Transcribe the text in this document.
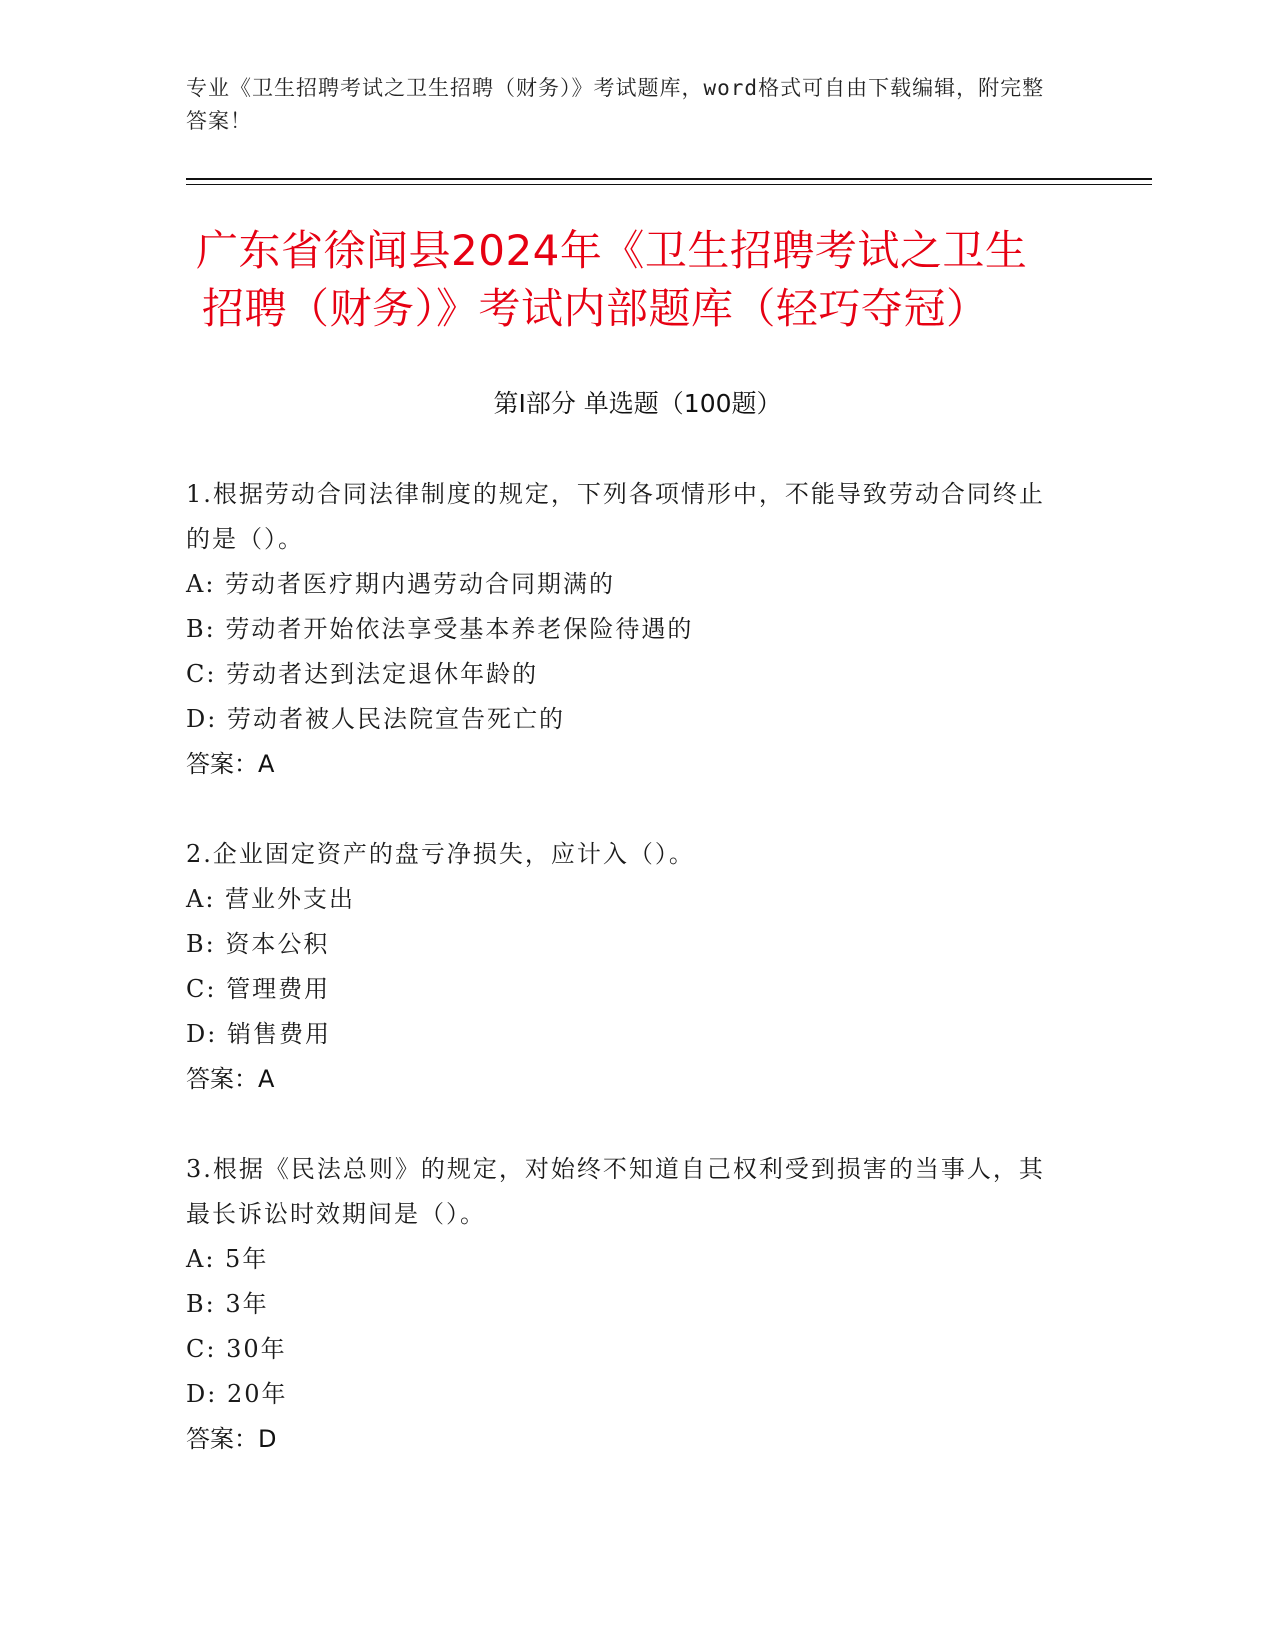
专业《卫生招聘考试之卫生招聘（财务）》考试题库，word格式可自由下载编辑，附完整答案！
广东省徐闻县2024年《卫生招聘考试之卫生
招聘（财务）》考试内部题库（轻巧夺冠）
第Ⅰ部分 单选题（100题）
1.根据劳动合同法律制度的规定，下列各项情形中，不能导致劳动合同终止的是（）。
A: 劳动者医疗期内遇劳动合同期满的
B: 劳动者开始依法享受基本养老保险待遇的
C: 劳动者达到法定退休年龄的
D: 劳动者被人民法院宣告死亡的
答案：A
2.企业固定资产的盘亏净损失，应计入（）。
A: 营业外支出
B: 资本公积
C: 管理费用
D: 销售费用
答案：A
3.根据《民法总则》的规定，对始终不知道自己权利受到损害的当事人，其最长诉讼时效期间是（）。
A: 5年
B: 3年
C: 30年
D: 20年
答案：D
